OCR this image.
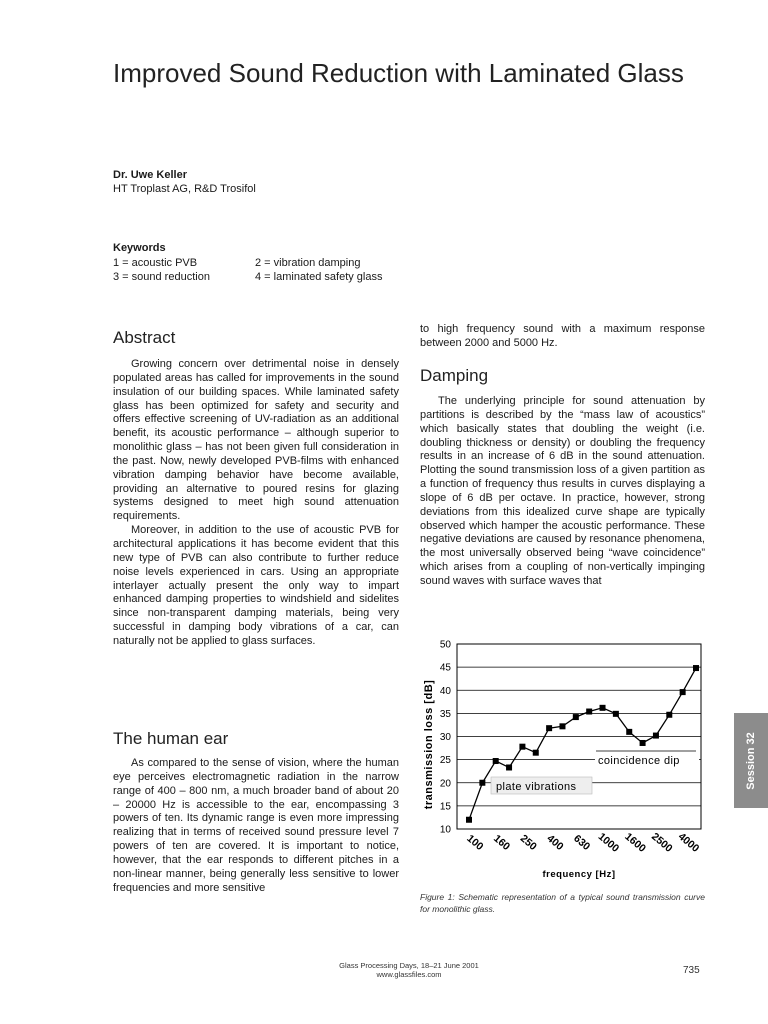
Improved Sound Reduction with Laminated Glass
Dr. Uwe Keller
HT Troplast AG, R&D Trosifol
Keywords
1 = acoustic PVB	2 = vibration damping
3 = sound reduction	4 = laminated safety glass
Abstract

Growing concern over detrimental noise in densely populated areas has called for improvements in the sound insulation of our building spaces. While laminated safety glass has been optimized for safety and security and offers effective screening of UV-radiation as an additional benefit, its acoustic performance – although superior to monolithic glass – has not been given full consideration in the past. Now, newly developed PVB-films with enhanced vibration damping behavior have become available, providing an alternative to poured resins for glazing systems designed to meet high sound attenuation requirements.

Moreover, in addition to the use of acoustic PVB for architectural applications it has become evident that this new type of PVB can also contribute to further reduce noise levels experienced in cars. Using an appropriate interlayer actually present the only way to impart enhanced damping properties to windshield and sidelites since non-transparent damping materials, being very successful in damping body vibrations of a car, can naturally not be applied to glass surfaces.

The human ear

As compared to the sense of vision, where the human eye perceives electromagnetic radiation in the narrow range of 400 – 800 nm, a much broader band of about 20 – 20000 Hz is accessible to the ear, encompassing 3 powers of ten. Its dynamic range is even more impressing realizing that in terms of received sound pressure level 7 powers of ten are covered. It is important to notice, however, that the ear responds to different pitches in a non-linear manner, being generally less sensitive to lower frequencies and more sensitive

to high frequency sound with a maximum response between 2000 and 5000 Hz.
Damping

The underlying principle for sound attenuation by partitions is described by the “mass law of acoustics” which basically states that doubling the weight (i.e. doubling thickness or density) or doubling the frequency results in an increase of 6 dB in the sound attenuation. Plotting the sound transmission loss of a given partition as a function of frequency thus results in curves displaying a slope of 6 dB per octave. In practice, however, strong deviations from this idealized curve shape are typically observed which hamper the acoustic performance. These negative deviations are caused by resonance phenomena, the most universally observed being “wave coincidence” which arises from a coupling of non-vertically impinging sound waves with surface waves that

10
15
20
25
30
35
40
45
50
100 160 250 400 630 1000 1600 2500 4000
transmission loss [dB]
frequency [Hz]
coincidence dip
plate vibrations
Figure 1: Schematic representation of a typical sound transmission curve for monolithic glass.
Glass Processing Days, 18–21 June 2001
www.glassfiles.com	735
Session 32
